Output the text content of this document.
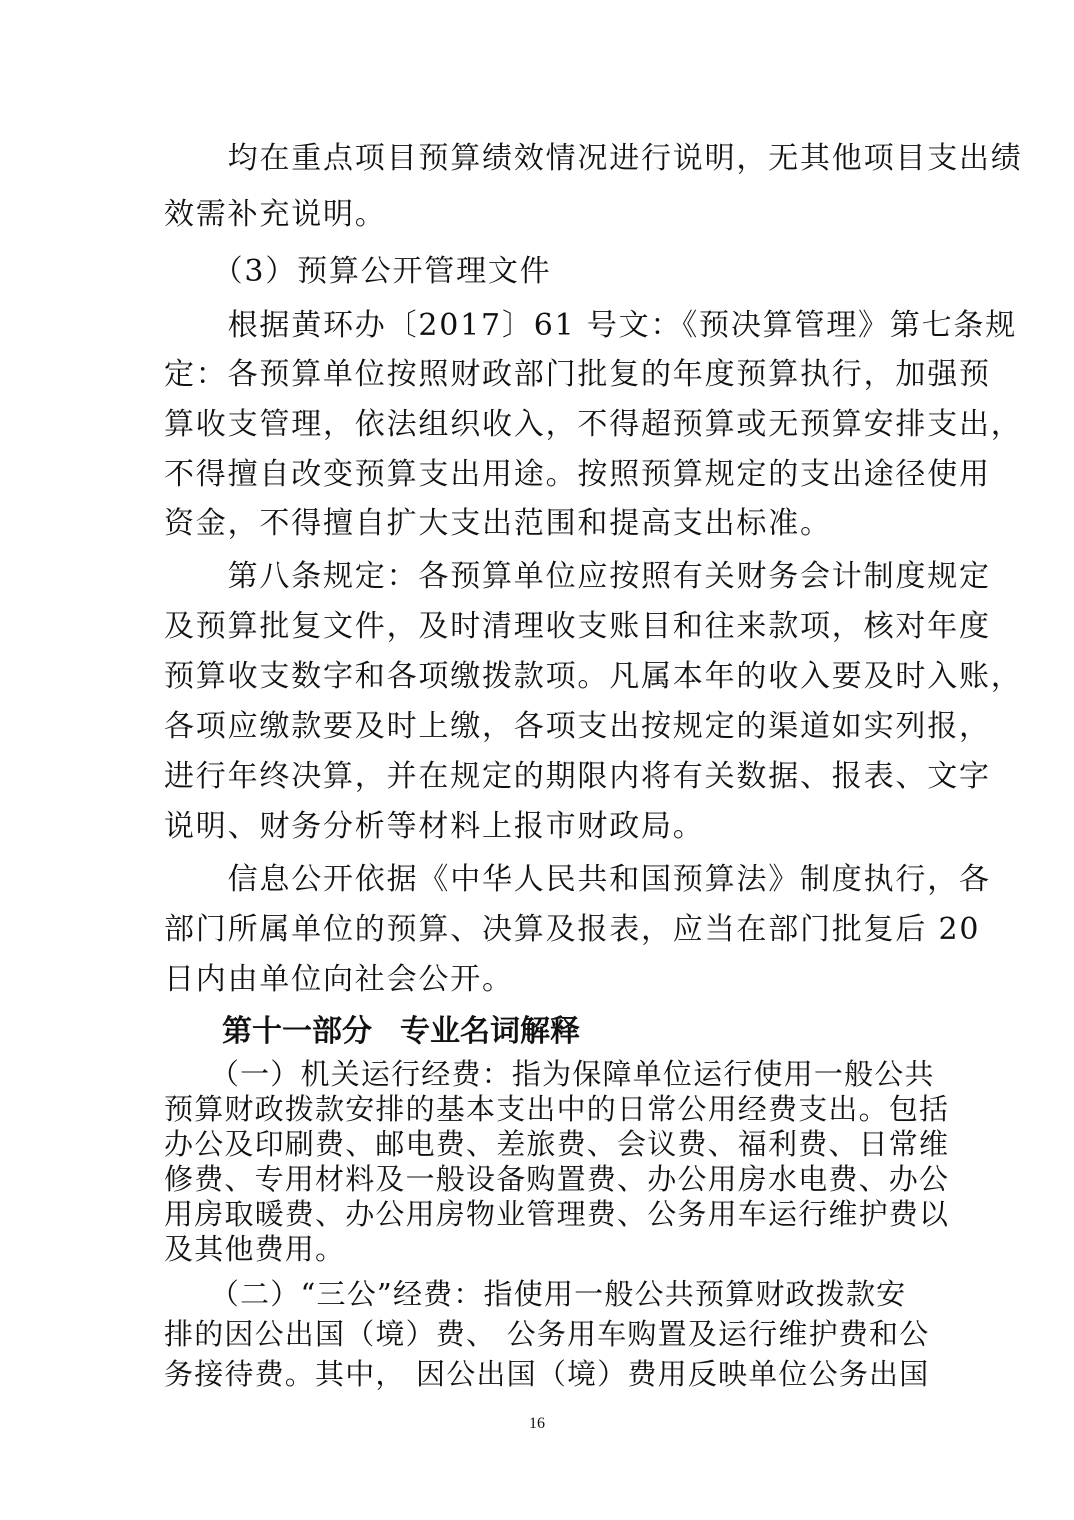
　　均在重点项目预算绩效情况进行说明，无其他项目支出绩
效需补充说明。
　　（3）预算公开管理文件
　　根据黄环办〔2017〕61 号文：《预决算管理》第七条规
定：各预算单位按照财政部门批复的年度预算执行，加强预
算收支管理，依法组织收入，不得超预算或无预算安排支出，
不得擅自改变预算支出用途。按照预算规定的支出途径使用
资金，不得擅自扩大支出范围和提高支出标准。
　　第八条规定：各预算单位应按照有关财务会计制度规定
及预算批复文件，及时清理收支账目和往来款项，核对年度
预算收支数字和各项缴拨款项。凡属本年的收入要及时入账，
各项应缴款要及时上缴，各项支出按规定的渠道如实列报，
进行年终决算，并在规定的期限内将有关数据、报表、文字
说明、财务分析等材料上报市财政局。
　　信息公开依据《中华人民共和国预算法》制度执行，各
部门所属单位的预算、决算及报表，应当在部门批复后 20
日内由单位向社会公开。
第十一部分 专业名词解释
　　（一）机关运行经费：指为保障单位运行使用一般公共
预算财政拨款安排的基本支出中的日常公用经费支出。包括
办公及印刷费、邮电费、差旅费、会议费、福利费、日常维
修费、专用材料及一般设备购置费、办公用房水电费、办公
用房取暖费、办公用房物业管理费、公务用车运行维护费以
及其他费用。
　　（二）“三公”经费：指使用一般公共预算财政拨款安
排的因公出国（境）费、 公务用车购置及运行维护费和公
务接待费。其中， 因公出国（境）费用反映单位公务出国
16
